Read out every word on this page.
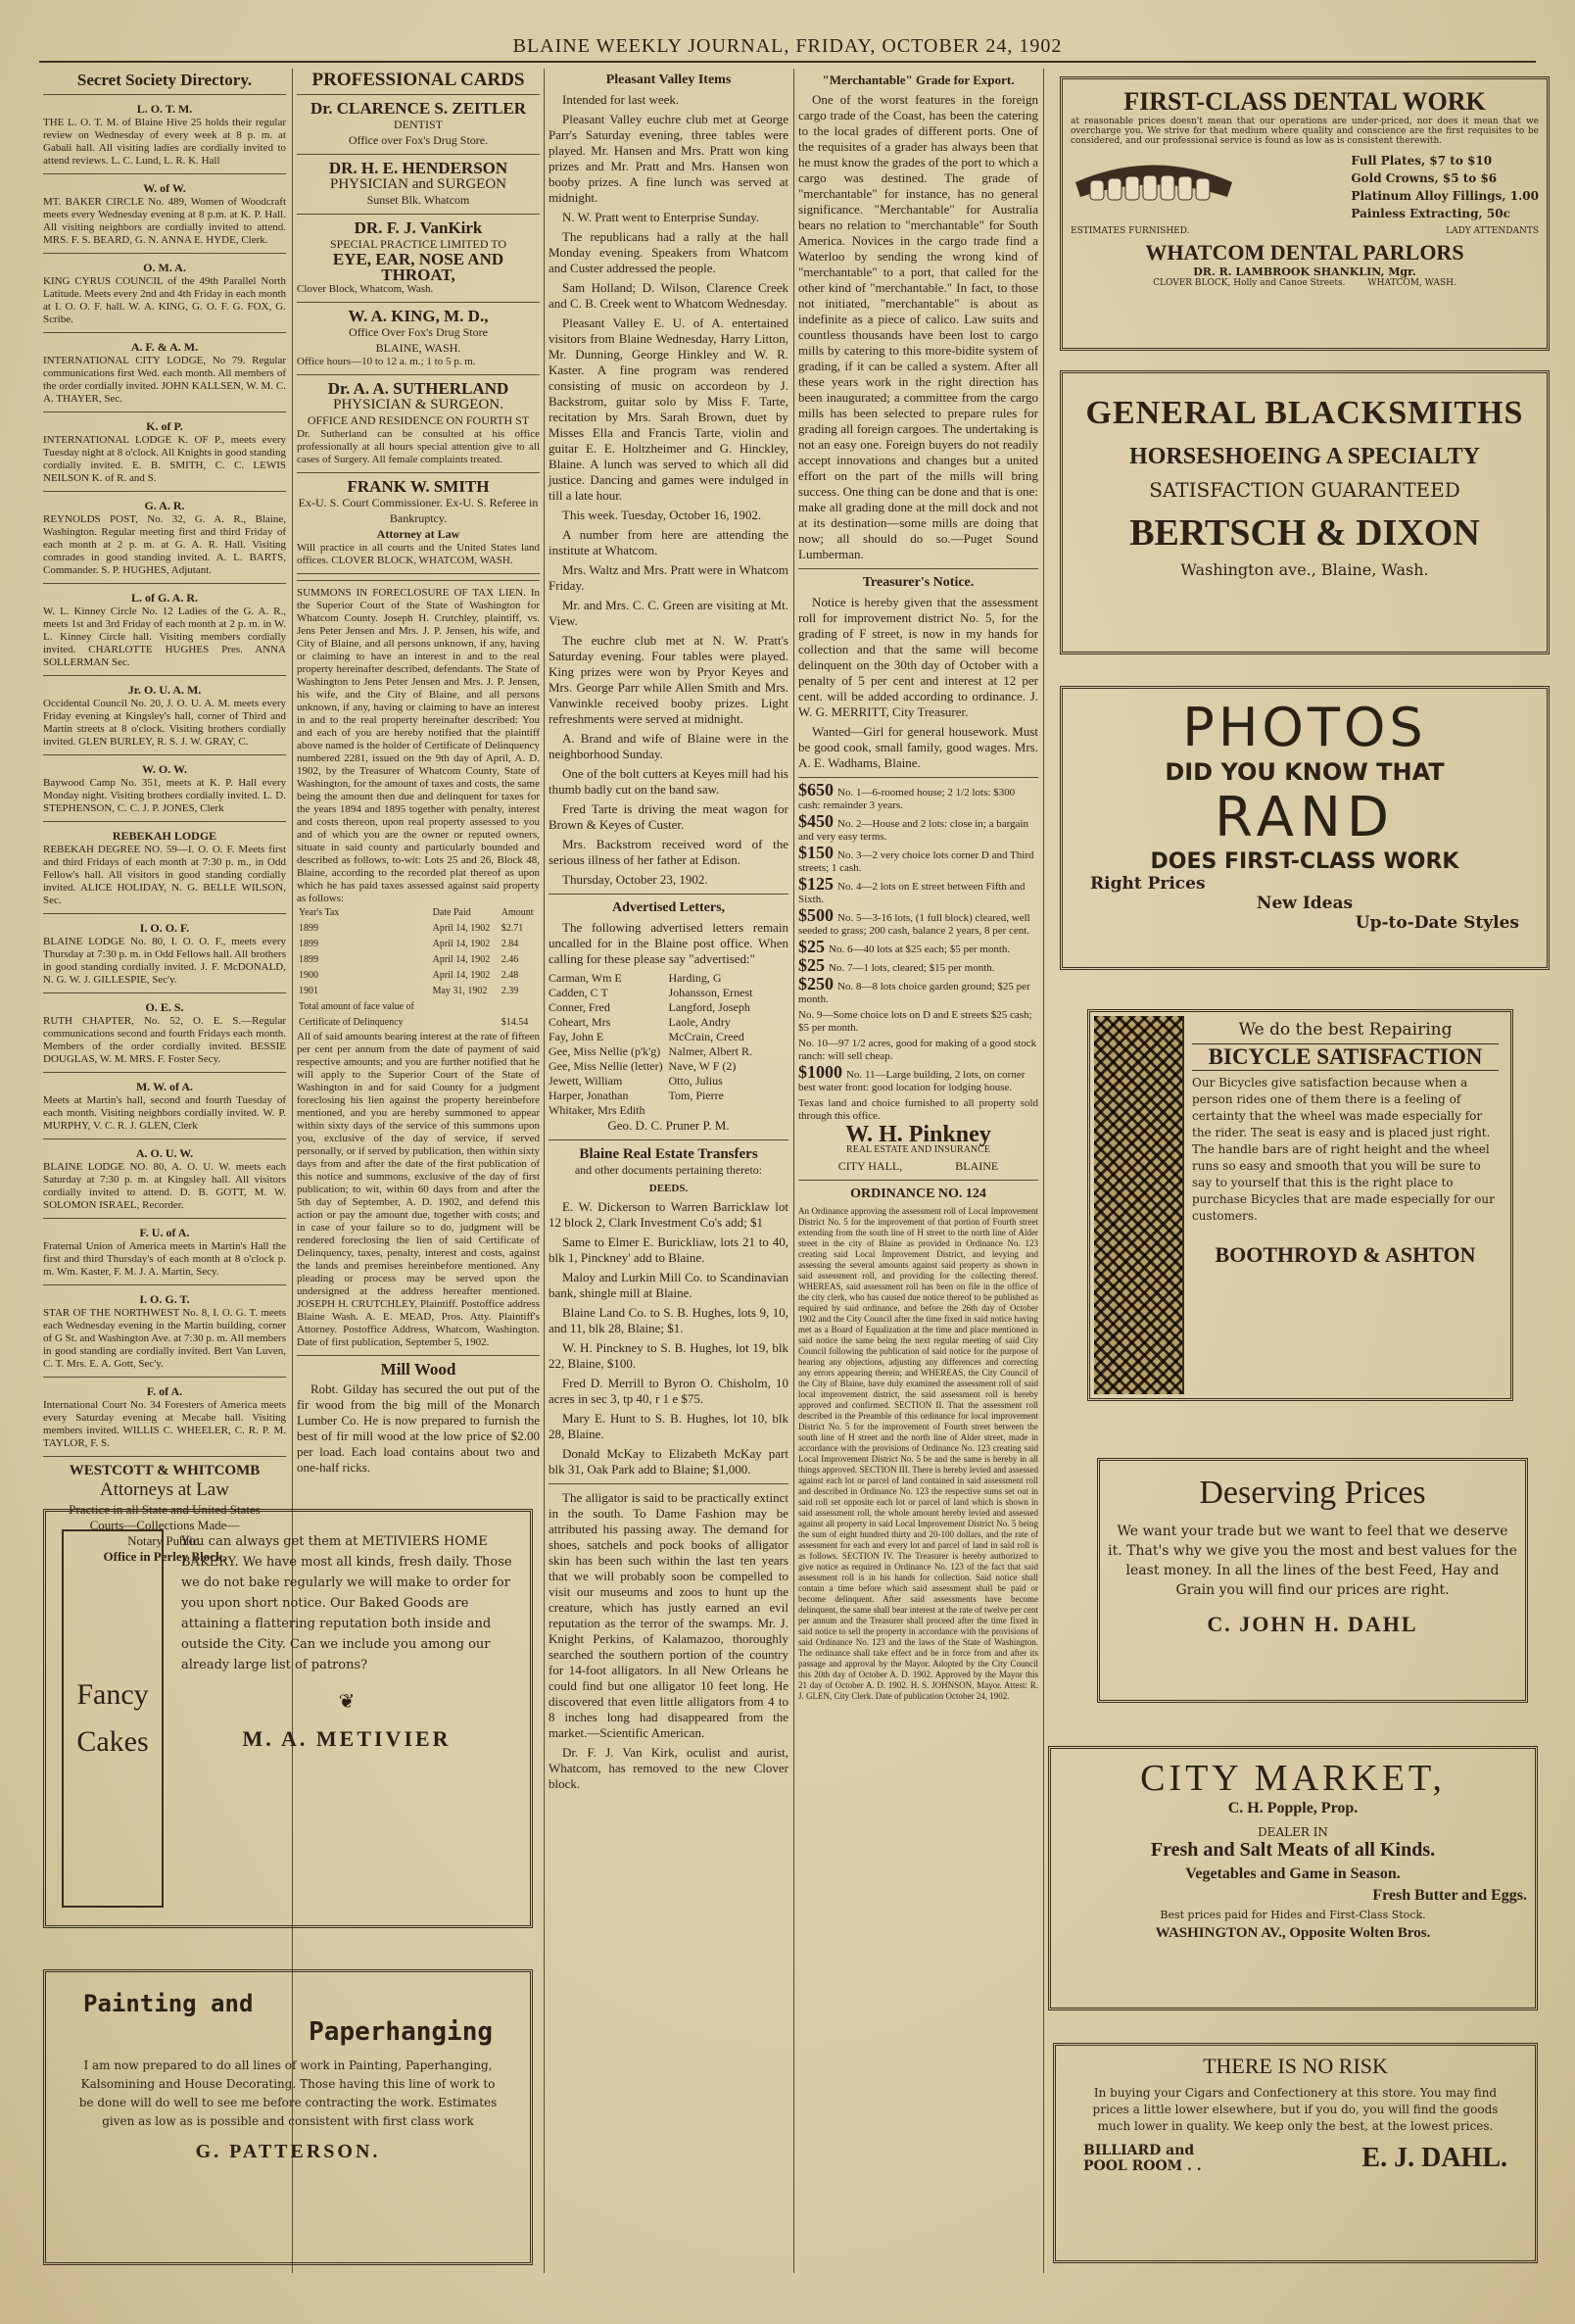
BLAINE WEEKLY JOURNAL, FRIDAY, OCTOBER 24, 1902
Secret Society Directory.
L. O. T. M.
THE L. O. T. M. of Blaine Hive 25 holds their regular review on Wednesday of every week at 8 p. m. at Gabali hall. All visiting ladies are cordially invited to attend reviews. L. C. Lund, L. R. K. Hall
W. of W.
MT. BAKER CIRCLE No. 489, Women of Woodcraft meets every Wednesday evening at 8 p.m. at K. P. Hall. All visiting neighbors are cordially invited to attend. MRS. F. S. BEARD, G. N. ANNA E. HYDE, Clerk.
O. M. A.
KING CYRUS COUNCIL of the 49th Parallel North Latitude. Meets every 2nd and 4th Friday in each month at I. O. O. F. hall. W. A. KING, G. O. F. G. FOX, G. Scribe.
A. F. & A. M.
INTERNATIONAL CITY LODGE, No 79. Regular communications first Wed. each month. All members of the order cordially invited. JOHN KALLSEN, W. M. C. A. THAYER, Sec.
K. of P.
INTERNATIONAL LODGE K. OF P., meets every Tuesday night at 8 o'clock. All Knights in good standing cordially invited. E. B. SMITH, C. C. LEWIS NEILSON K. of R. and S.
G. A. R.
REYNOLDS POST, No. 32, G. A. R., Blaine, Washington. Regular meeting first and third Friday of each month at 2 p. m. at G. A. R. Hall. Visiting comrades in good standing invited. A. L. BARTS, Commander. S. P. HUGHES, Adjutant.
L. of G. A. R.
W. L. Kinney Circle No. 12 Ladies of the G. A. R., meets 1st and 3rd Friday of each month at 2 p. m. in W. L. Kinney Circle hall. Visiting members cordially invited. CHARLOTTE HUGHES Pres. ANNA SOLLERMAN Sec.
Jr. O. U. A. M.
Occidental Council No. 20, J. O. U. A. M. meets every Friday evening at Kingsley's hall, corner of Third and Martin streets at 8 o'clock. Visiting brothers cordially invited. GLEN BURLEY, R. S. J. W. GRAY, C.
W. O. W.
Baywood Camp No. 351, meets at K. P. Hall every Monday night. Visiting brothers cordially invited. L. D. STEPHENSON, C. C. J. P. JONES, Clerk
REBEKAH LODGE
REBEKAH DEGREE NO. 59—I. O. O. F. Meets first and third Fridays of each month at 7:30 p. m., in Odd Fellow's hall. All visitors in good standing cordially invited. ALICE HOLIDAY, N. G. BELLE WILSON, Sec.
I. O. O. F.
BLAINE LODGE No. 80, I. O. O. F., meets every Thursday at 7:30 p. m. in Odd Fellows hall. All brothers in good standing cordially invited. J. F. McDONALD, N. G. W. J. GILLESPIE, Sec'y.
O. E. S.
RUTH CHAPTER, No. 52, O. E. S.—Regular communications second and fourth Fridays each month. Members of the order cordially invited. BESSIE DOUGLAS, W. M. MRS. F. Foster Secy.
M. W. of A.
Meets at Martin's hall, second and fourth Tuesday of each month. Visiting neighbors cordially invited. W. P. MURPHY, V. C. R. J. GLEN, Clerk
A. O. U. W.
BLAINE LODGE NO. 80, A. O. U. W. meets each Saturday at 7:30 p. m. at Kingsley hall. All visitors cordially invited to attend. D. B. GOTT, M. W. SOLOMON ISRAEL, Recorder.
F. U. of A.
Fraternal Union of America meets in Martin's Hall the first and third Thursday's of each month at 8 o'clock p. m. Wm. Kaster, F. M. J. A. Martin, Secy.
I. O. G. T.
STAR OF THE NORTHWEST No. 8, I. O. G. T. meets each Wednesday evening in the Martin building, corner of G St. and Washington Ave. at 7:30 p. m. All members in good standing are cordially invited. Bert Van Luven, C. T. Mrs. E. A. Gott, Sec'y.
F. of A.
International Court No. 34 Foresters of America meets every Saturday evening at Mecabe hall. Visiting members invited. WILLIS C. WHEELER, C. R. P. M. TAYLOR, F. S.
WESTCOTT & WHITCOMB
Attorneys at Law
Practice in all State and United States
Courts—Collections Made—
Notary Public.
Office in Perley Block.
PROFESSIONAL CARDS
Dr. CLARENCE S. ZEITLER
DENTIST
Office over Fox's Drug Store.
DR. H. E. HENDERSON
PHYSICIAN and SURGEON
Sunset Blk. Whatcom
DR. F. J. VanKirk
SPECIAL PRACTICE LIMITED TO
EYE, EAR, NOSE AND THROAT,
Clover Block, Whatcom, Wash.
W. A. KING, M. D.,
Office Over Fox's Drug Store
BLAINE, WASH.
Office hours—10 to 12 a. m.; 1 to 5 p. m.
Dr. A. A. SUTHERLAND
PHYSICIAN & SURGEON.
OFFICE AND RESIDENCE ON FOURTH ST
Dr. Sutherland can be consulted at his office professionally at all hours special attention give to all cases of Surgery. All female complaints treated.
FRANK W. SMITH
Ex-U. S. Court Commissioner. Ex-U. S. Referee in Bankruptcy.
Attorney at Law
Will practice in all courts and the United States land offices. CLOVER BLOCK, WHATCOM, WASH.
SUMMONS IN FORECLOSURE OF TAX LIEN. In the Superior Court of the State of Washington for Whatcom County. Joseph H. Crutchley, plaintiff, vs. Jens Peter Jensen and Mrs. J. P. Jensen, his wife, and City of Blaine, and all persons unknown, if any, having or claiming to have an interest in and to the real property hereinafter described, defendants. The State of Washington to Jens Peter Jensen and Mrs. J. P. Jensen, his wife, and the City of Blaine, and all persons unknown, if any, having or claiming to have an interest in and to the real property hereinafter described: You and each of you are hereby notified that the plaintiff above named is the holder of Certificate of Delinquency numbered 2281, issued on the 9th day of April, A. D. 1902, by the Treasurer of Whatcom County, State of Washington, for the amount of taxes and costs, the same being the amount then due and delinquent for taxes for the years 1894 and 1895 together with penalty, interest and costs thereon, upon real property assessed to you and of which you are the owner or reputed owners, situate in said county and particularly bounded and described as follows, to-wit: Lots 25 and 26, Block 48, Blaine, according to the recorded plat thereof as upon which he has paid taxes assessed against said property as follows:
Year's Tax	Date Paid	Amount
1899	April 14, 1902	$2.71
1899	April 14, 1902	2.84
1899	April 14, 1902	2.46
1900	April 14, 1902	2.48
1901	May 31, 1902	2.39
Total amount of face value of		
Certificate of Delinquency		$14.54
All of said amounts bearing interest at the rate of fifteen per cent per annum from the date of payment of said respective amounts; and you are further notified that he will apply to the Superior Court of the State of Washington in and for said County for a judgment foreclosing his lien against the property hereinbefore mentioned, and you are hereby summoned to appear within sixty days of the service of this summons upon you, exclusive of the day of service, if served personally, or if served by publication, then within sixty days from and after the date of the first publication of this notice and summons, exclusive of the day of first publication; to wit, within 60 days from and after the 5th day of September, A. D. 1902, and defend this action or pay the amount due, together with costs; and in case of your failure so to do, judgment will be rendered foreclosing the lien of said Certificate of Delinquency, taxes, penalty, interest and costs, against the lands and premises hereinbefore mentioned. Any pleading or process may be served upon the undersigned at the address hereafter mentioned. JOSEPH H. CRUTCHLEY, Plaintiff. Postoffice address Blaine Wash. A. E. MEAD, Pros. Atty. Plaintiff's Attorney. Postoffice Address, Whatcom, Washington. Date of first publication, September 5, 1902.
Mill Wood
Robt. Gilday has secured the out put of the fir wood from the big mill of the Monarch Lumber Co. He is now prepared to furnish the best of fir mill wood at the low price of $2.00 per load. Each load contains about two and one-half ricks.
Pleasant Valley Items
Intended for last week.
Pleasant Valley euchre club met at George Parr's Saturday evening, three tables were played. Mr. Hansen and Mrs. Pratt won king prizes and Mr. Pratt and Mrs. Hansen won booby prizes. A fine lunch was served at midnight.
N. W. Pratt went to Enterprise Sunday.
The republicans had a rally at the hall Monday evening. Speakers from Whatcom and Custer addressed the people.
Sam Holland; D. Wilson, Clarence Creek and C. B. Creek went to Whatcom Wednesday.
Pleasant Valley E. U. of A. entertained visitors from Blaine Wednesday, Harry Litton, Mr. Dunning, George Hinkley and W. R. Kaster. A fine program was rendered consisting of music on accordeon by J. Backstrom, guitar solo by Miss F. Tarte, recitation by Mrs. Sarah Brown, duet by Misses Ella and Francis Tarte, violin and guitar E. E. Holtzheimer and G. Hinckley, Blaine. A lunch was served to which all did justice. Dancing and games were indulged in till a late hour.
This week. Tuesday, October 16, 1902.
A number from here are attending the institute at Whatcom.
Mrs. Waltz and Mrs. Pratt were in Whatcom Friday.
Mr. and Mrs. C. C. Green are visiting at Mt. View.
The euchre club met at N. W. Pratt's Saturday evening. Four tables were played. King prizes were won by Pryor Keyes and Mrs. George Parr while Allen Smith and Mrs. Vanwinkle received booby prizes. Light refreshments were served at midnight.
A. Brand and wife of Blaine were in the neighborhood Sunday.
One of the bolt cutters at Keyes mill had his thumb badly cut on the band saw.
Fred Tarte is driving the meat wagon for Brown & Keyes of Custer.
Mrs. Backstrom received word of the serious illness of her father at Edison.
Thursday, October 23, 1902.
Advertised Letters,
The following advertised letters remain uncalled for in the Blaine post office. When calling for these please say "advertised:"
Carman, Wm E	Harding, G
Cadden, C T	Johansson, Ernest
Conner, Fred	Langford, Joseph
Coheart, Mrs	Laole, Andry
Fay, John E	McCrain, Creed
Gee, Miss Nellie (p'k'g) Nalmer, Albert R.
Gee, Miss Nellie (letter) Nave, W F (2)
Jewett, William	Otto, Julius
Harper, Jonathan	Tom, Pierre
Whitaker, Mrs Edith
Geo. D. C. Pruner P. M.
Blaine Real Estate Transfers
and other documents pertaining thereto:
DEEDS.
E. W. Dickerson to Warren Barricklaw lot 12 block 2, Clark Investment Co's add; $1
Same to Elmer E. Burickliaw, lots 21 to 40, blk 1, Pinckney' add to Blaine.
Maloy and Lurkin Mill Co. to Scandinavian bank, shingle mill at Blaine.
Blaine Land Co. to S. B. Hughes, lots 9, 10, and 11, blk 28, Blaine; $1.
W. H. Pinckney to S. B. Hughes, lot 19, blk 22, Blaine, $100.
Fred D. Merrill to Byron O. Chisholm, 10 acres in sec 3, tp 40, r 1 e $75.
Mary E. Hunt to S. B. Hughes, lot 10, blk 28, Blaine.
Donald McKay to Elizabeth McKay part blk 31, Oak Park add to Blaine; $1,000.
The alligator is said to be practically extinct in the south. To Dame Fashion may be attributed his passing away. The demand for shoes, satchels and pock books of alligator skin has been such within the last ten years that we will probably soon be compelled to visit our museums and zoos to hunt up the creature, which has justly earned an evil reputation as the terror of the swamps. Mr. J. Knight Perkins, of Kalamazoo, thoroughly searched the southern portion of the country for 14-foot alligators. In all New Orleans he could find but one alligator 10 feet long. He discovered that even little alligators from 4 to 8 inches long had disappeared from the market.—Scientific American.
Dr. F. J. Van Kirk, oculist and aurist, Whatcom, has removed to the new Clover block.
"Merchantable" Grade for Export.
One of the worst features in the foreign cargo trade of the Coast, has been the catering to the local grades of different ports. One of the requisites of a grader has always been that he must know the grades of the port to which a cargo was destined. The grade of "merchantable" for instance, has no general significance. "Merchantable" for Australia bears no relation to "merchantable" for South America. Novices in the cargo trade find a Waterloo by sending the wrong kind of "merchantable" to a port, that called for the other kind of "merchantable." In fact, to those not initiated, "merchantable" is about as indefinite as a piece of calico. Law suits and countless thousands have been lost to cargo mills by catering to this more-bidite system of grading, if it can be called a system. After all these years work in the right direction has been inaugurated; a committee from the cargo mills has been selected to prepare rules for grading all foreign cargoes. The undertaking is not an easy one. Foreign buyers do not readily accept innovations and changes but a united effort on the part of the mills will bring success. One thing can be done and that is one: make all grading done at the mill dock and not at its destination—some mills are doing that now; all should do so.—Puget Sound Lumberman.
Treasurer's Notice.
Notice is hereby given that the assessment roll for improvement district No. 5, for the grading of F street, is now in my hands for collection and that the same will become delinquent on the 30th day of October with a penalty of 5 per cent and interest at 12 per cent. will be added according to ordinance. J. W. G. MERRITT, City Treasurer.
Wanted—Girl for general housework. Must be good cook, small family, good wages. Mrs. A. E. Wadhams, Blaine.
$650 No. 1—6-roomed house; 2 1/2 lots: $300 cash: remainder 3 years.
$450 No. 2—House and 2 lots: close in; a bargain and very easy terms.
$150 No. 3—2 very choice lots corner D and Third streets; 1 cash.
$125 No. 4—2 lots on E street between Fifth and Sixth.
$500 No. 5—3-16 lots, (1 full block) cleared, well seeded to grass; 200 cash, balance 2 years, 8 per cent.
$25 No. 6—40 lots at $25 each; $5 per month.
$25 No. 7—1 lots, cleared; $15 per month.
$250 No. 8—8 lots choice garden ground; $25 per month.
No. 9—Some choice lots on D and E streets $25 cash; $5 per month.
No. 10—97 1/2 acres, good for making of a good stock ranch: will sell cheap.
$1000 No. 11—Large building, 2 lots, on corner best water front: good location for lodging house.
Texas land and choice furnished to all property sold through this office.
W. H. Pinkney
REAL ESTATE AND INSURANCE
CITY HALL,                  BLAINE
ORDINANCE NO. 124
An Ordinance approving the assessment roll of Local Improvement District No. 5 for the improvement of that portion of Fourth street extending from the south line of H street to the north line of Alder street in the city of Blaine as provided in Ordinance No. 123 creating said Local Improvement District, and levying and assessing the several amounts against said property as shown in said assessment roll, and providing for the collecting thereof. WHEREAS, said assessment roll has been on file in the office of the city clerk, who has caused due notice thereof to be published as required by said ordinance, and before the 26th day of October 1902 and the City Council after the time fixed in said notice having met as a Board of Equalization at the time and place mentioned in said notice the same being the next regular meeting of said City Council following the publication of said notice for the purpose of hearing any objections, adjusting any differences and correcting any errors appearing therein; and WHEREAS, the City Council of the City of Blaine, have duly examined the assessment roll of said local improvement district, the said assessment roll is hereby approved and confirmed. SECTION II. That the assessment roll described in the Preamble of this ordinance for local improvement District No. 5 for the improvement of Fourth street between the south line of H street and the north line of Alder street, made in accordance with the provisions of Ordinance No. 123 creating said Local Improvement District No. 5 be and the same is hereby in all things approved. SECTION III. There is hereby levied and assessed against each lot or parcel of land contained in said assessment roll and described in Ordinance No. 123 the respective sums set out in said roll set opposite each lot or parcel of land which is shown in said assessment roll, the whole amount hereby levied and assessed against all property in said Local Improvement District No. 5 being the sum of eight hundred thirty and 20-100 dollars, and the rate of assessment for each and every lot and parcel of land in said roll is as follows. SECTION IV. The Treasurer is hereby authorized to give notice as required in Ordinance No. 123 of the fact that said assessment roll is in his hands for collection. Said notice shall contain a time before which said assessment shall be paid or become delinquent. After said assessments have become delinquent, the same shall bear interest at the rate of twelve per cent per annum and the Treasurer shall proceed after the time fixed in said notice to sell the property in accordance with the provisions of said Ordinance No. 123 and the laws of the State of Washington. The ordinance shall take effect and be in force from and after its passage and approval by the Mayor. Adopted by the City Council this 20th day of October A. D. 1902. Approved by the Mayor this 21 day of October A. D. 1902. H. S. JOHNSON, Mayor. Attest: R. J. GLEN, City Clerk. Date of publication October 24, 1902.
FIRST-CLASS DENTAL WORK
at reasonable prices doesn't mean that our operations are under-priced, nor does it mean that we overcharge you. We strive for that medium where quality and conscience are the first requisites to be considered, and our professional service is found as low as is consistent therewith.
Full Plates, $7 to $10
Gold Crowns, $5 to $6
Platinum Alloy Fillings, 1.00
Painless Extracting, 50c
ESTIMATES FURNISHED.	LADY ATTENDANTS
WHATCOM DENTAL PARLORS
DR. R. LAMBROOK SHANKLIN, Mgr.
CLOVER BLOCK, Holly and Canoe Streets.        WHATCOM, WASH.
GENERAL BLACKSMITHS
HORSESHOEING A SPECIALTY
SATISFACTION GUARANTEED
BERTSCH & DIXON
Washington ave., Blaine, Wash.
PHOTOS
DID YOU KNOW THAT
RAND
DOES FIRST-CLASS WORK
Right Prices
New Ideas
Up-to-Date Styles
We do the best Repairing
BICYCLE SATISFACTION
Our Bicycles give satisfaction because when a person rides one of them there is a feeling of certainty that the wheel was made especially for the rider. The seat is easy and is placed just right. The handle bars are of right height and the wheel runs so easy and smooth that you will be sure to say to yourself that this is the right place to purchase Bicycles that are made especially for our customers.
BOOTHROYD & ASHTON
Deserving Prices
We want your trade but we want to feel that we deserve it. That's why we give you the most and best values for the least money. In all the lines of the best Feed, Hay and Grain you will find our prices are right.
C. JOHN H. DAHL
CITY MARKET,
C. H. Popple, Prop.
DEALER IN
Fresh and Salt Meats of all Kinds.
Vegetables and Game in Season.
Fresh Butter and Eggs.
Best prices paid for Hides and First-Class Stock.
WASHINGTON AV., Opposite Wolten Bros.
THERE IS NO RISK
In buying your Cigars and Confectionery at this store. You may find prices a little lower elsewhere, but if you do, you will find the goods much lower in quality. We keep only the best, at the lowest prices.
BILLIARD and POOL ROOM . .	E. J. DAHL.
Fancy Cakes
You can always get them at METIVIERS HOME BAKERY. We have most all kinds, fresh daily. Those we do not bake regularly we will make to order for you upon short notice. Our Baked Goods are attaining a flattering reputation both inside and outside the City. Can we include you among our already large list of patrons?
❦
M. A. METIVIER
Painting and
Paperhanging
I am now prepared to do all lines of work in Painting, Paperhanging, Kalsomining and House Decorating. Those having this line of work to be done will do well to see me before contracting the work. Estimates given as low as is possible and consistent with first class work
G. PATTERSON.
